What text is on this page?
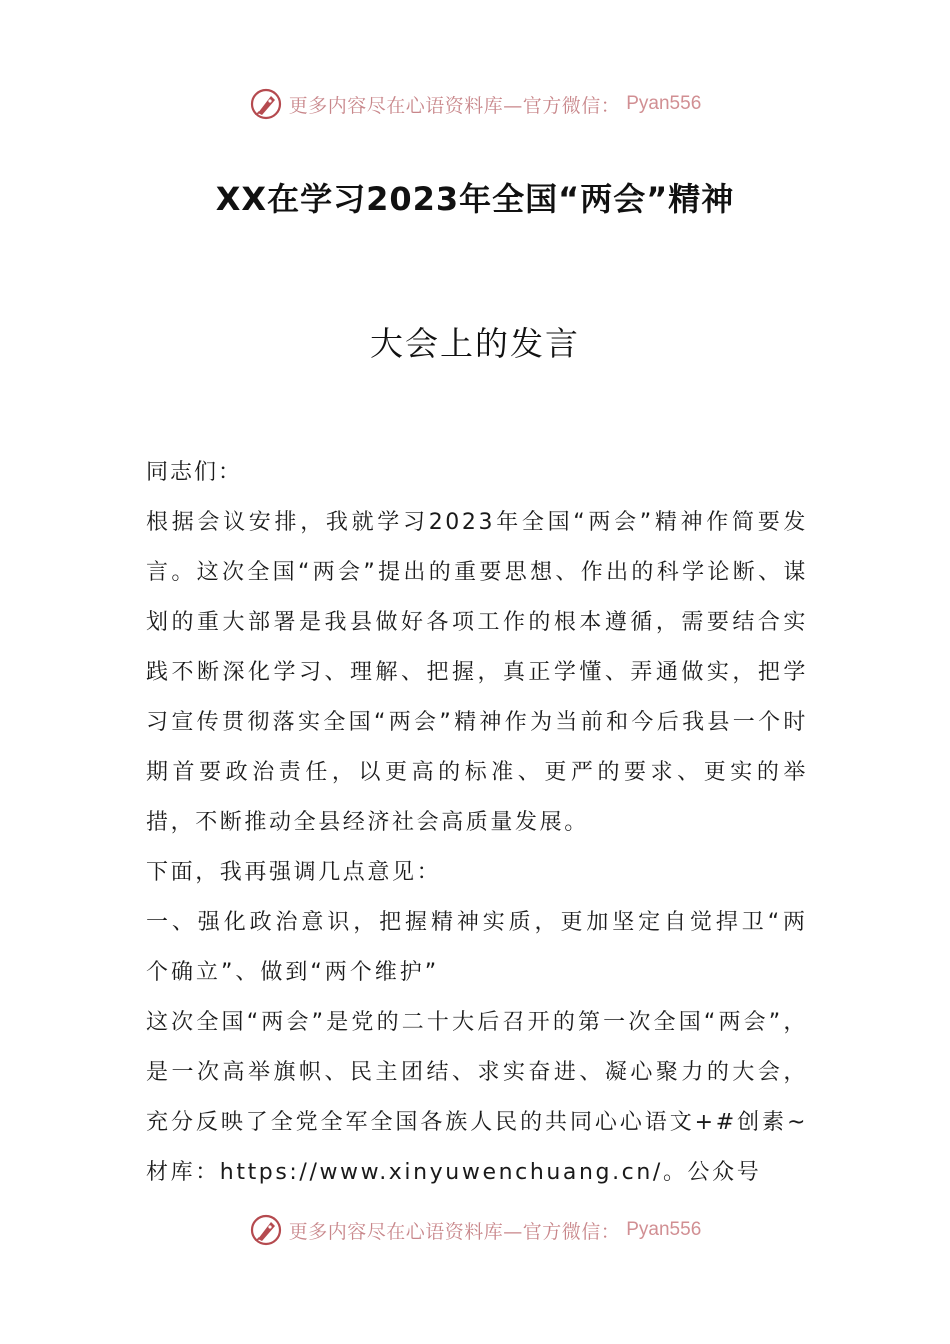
更多内容尽在心语资料库—官方微信： Pyan556
XX在学习2023年全国“两会”精神
大会上的发言

同志们：

根据会议安排，我就学习2023年全国“两会”精神作简要发言。这次全国“两会”提出的重要思想、作出的科学论断、谋划的重大部署是我县做好各项工作的根本遵循，需要结合实践不断深化学习、理解、把握，真正学懂、弄通做实，把学习宣传贯彻落实全国“两会”精神作为当前和今后我县一个时期首要政治责任，以更高的标准、更严的要求、更实的举措，不断推动全县经济社会高质量发展。

下面，我再强调几点意见：

一、强化政治意识，把握精神实质，更加坚定自觉捍卫“两个确立”、做到“两个维护”

这次全国“两会”是党的二十大后召开的第一次全国“两会”，是一次高举旗帜、民主团结、求实奋进、凝心聚力的大会，充分反映了全党全军全国各族人民的共同心心语文+#创素~材库：https://www.xinyuwenchuang.cn/。公众号

更多内容尽在心语资料库—官方微信： Pyan556
